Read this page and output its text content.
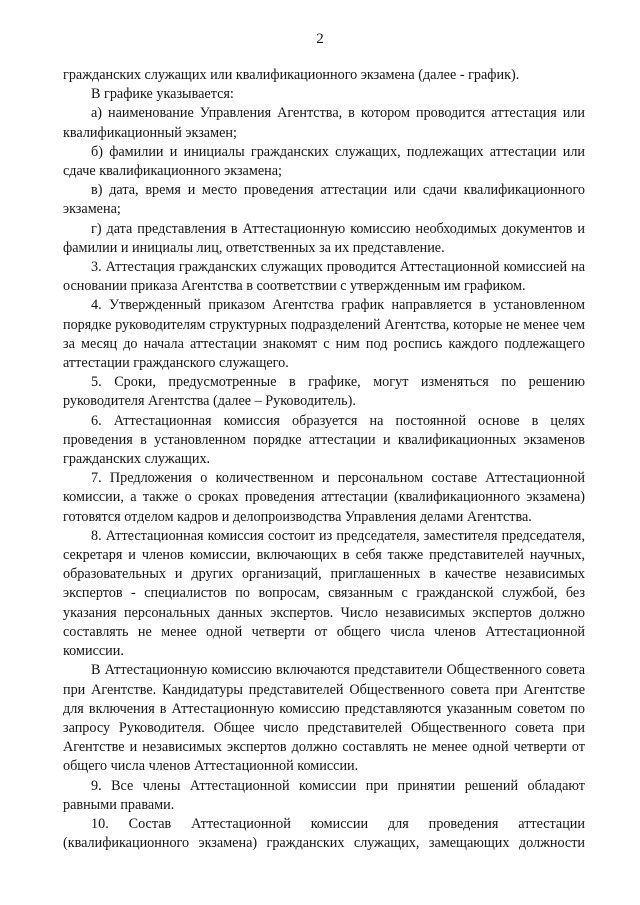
2

гражданских служащих или квалификационного экзамена (далее - график).

В графике указывается:

а) наименование Управления Агентства, в котором проводится аттестация или квалификационный экзамен;

б) фамилии и инициалы гражданских служащих, подлежащих аттестации или сдаче квалификационного экзамена;

в) дата, время и место проведения аттестации или сдачи квалификационного экзамена;

г) дата представления в Аттестационную комиссию необходимых документов и фамилии и инициалы лиц, ответственных за их представление.

3. Аттестация гражданских служащих проводится Аттестационной комиссией на основании приказа Агентства в соответствии с утвержденным им графиком.

4. Утвержденный приказом Агентства график направляется в установленном порядке руководителям структурных подразделений Агентства, которые не менее чем за месяц до начала аттестации знакомят с ним под роспись каждого подлежащего аттестации гражданского служащего.

5. Сроки, предусмотренные в графике, могут изменяться по решению руководителя Агентства (далее – Руководитель).

6. Аттестационная комиссия образуется на постоянной основе в целях проведения в установленном порядке аттестации и квалификационных экзаменов гражданских служащих.

7. Предложения о количественном и персональном составе Аттестационной комиссии, а также о сроках проведения аттестации (квалификационного экзамена) готовятся отделом кадров и делопроизводства Управления делами Агентства.

8. Аттестационная комиссия состоит из председателя, заместителя председателя, секретаря и членов комиссии, включающих в себя также представителей научных, образовательных и других организаций, приглашенных в качестве независимых экспертов - специалистов по вопросам, связанным с гражданской службой, без указания персональных данных экспертов. Число независимых экспертов должно составлять не менее одной четверти от общего числа членов Аттестационной комиссии.

В Аттестационную комиссию включаются представители Общественного совета при Агентстве. Кандидатуры представителей Общественного совета при Агентстве для включения в Аттестационную комиссию представляются указанным советом по запросу Руководителя. Общее число представителей Общественного совета при Агентстве и независимых экспертов должно составлять не менее одной четверти от общего числа членов Аттестационной комиссии.

9. Все члены Аттестационной комиссии при принятии решений обладают равными правами.

10. Состав Аттестационной комиссии для проведения аттестации (квалификационного экзамена) гражданских служащих, замещающих должности
